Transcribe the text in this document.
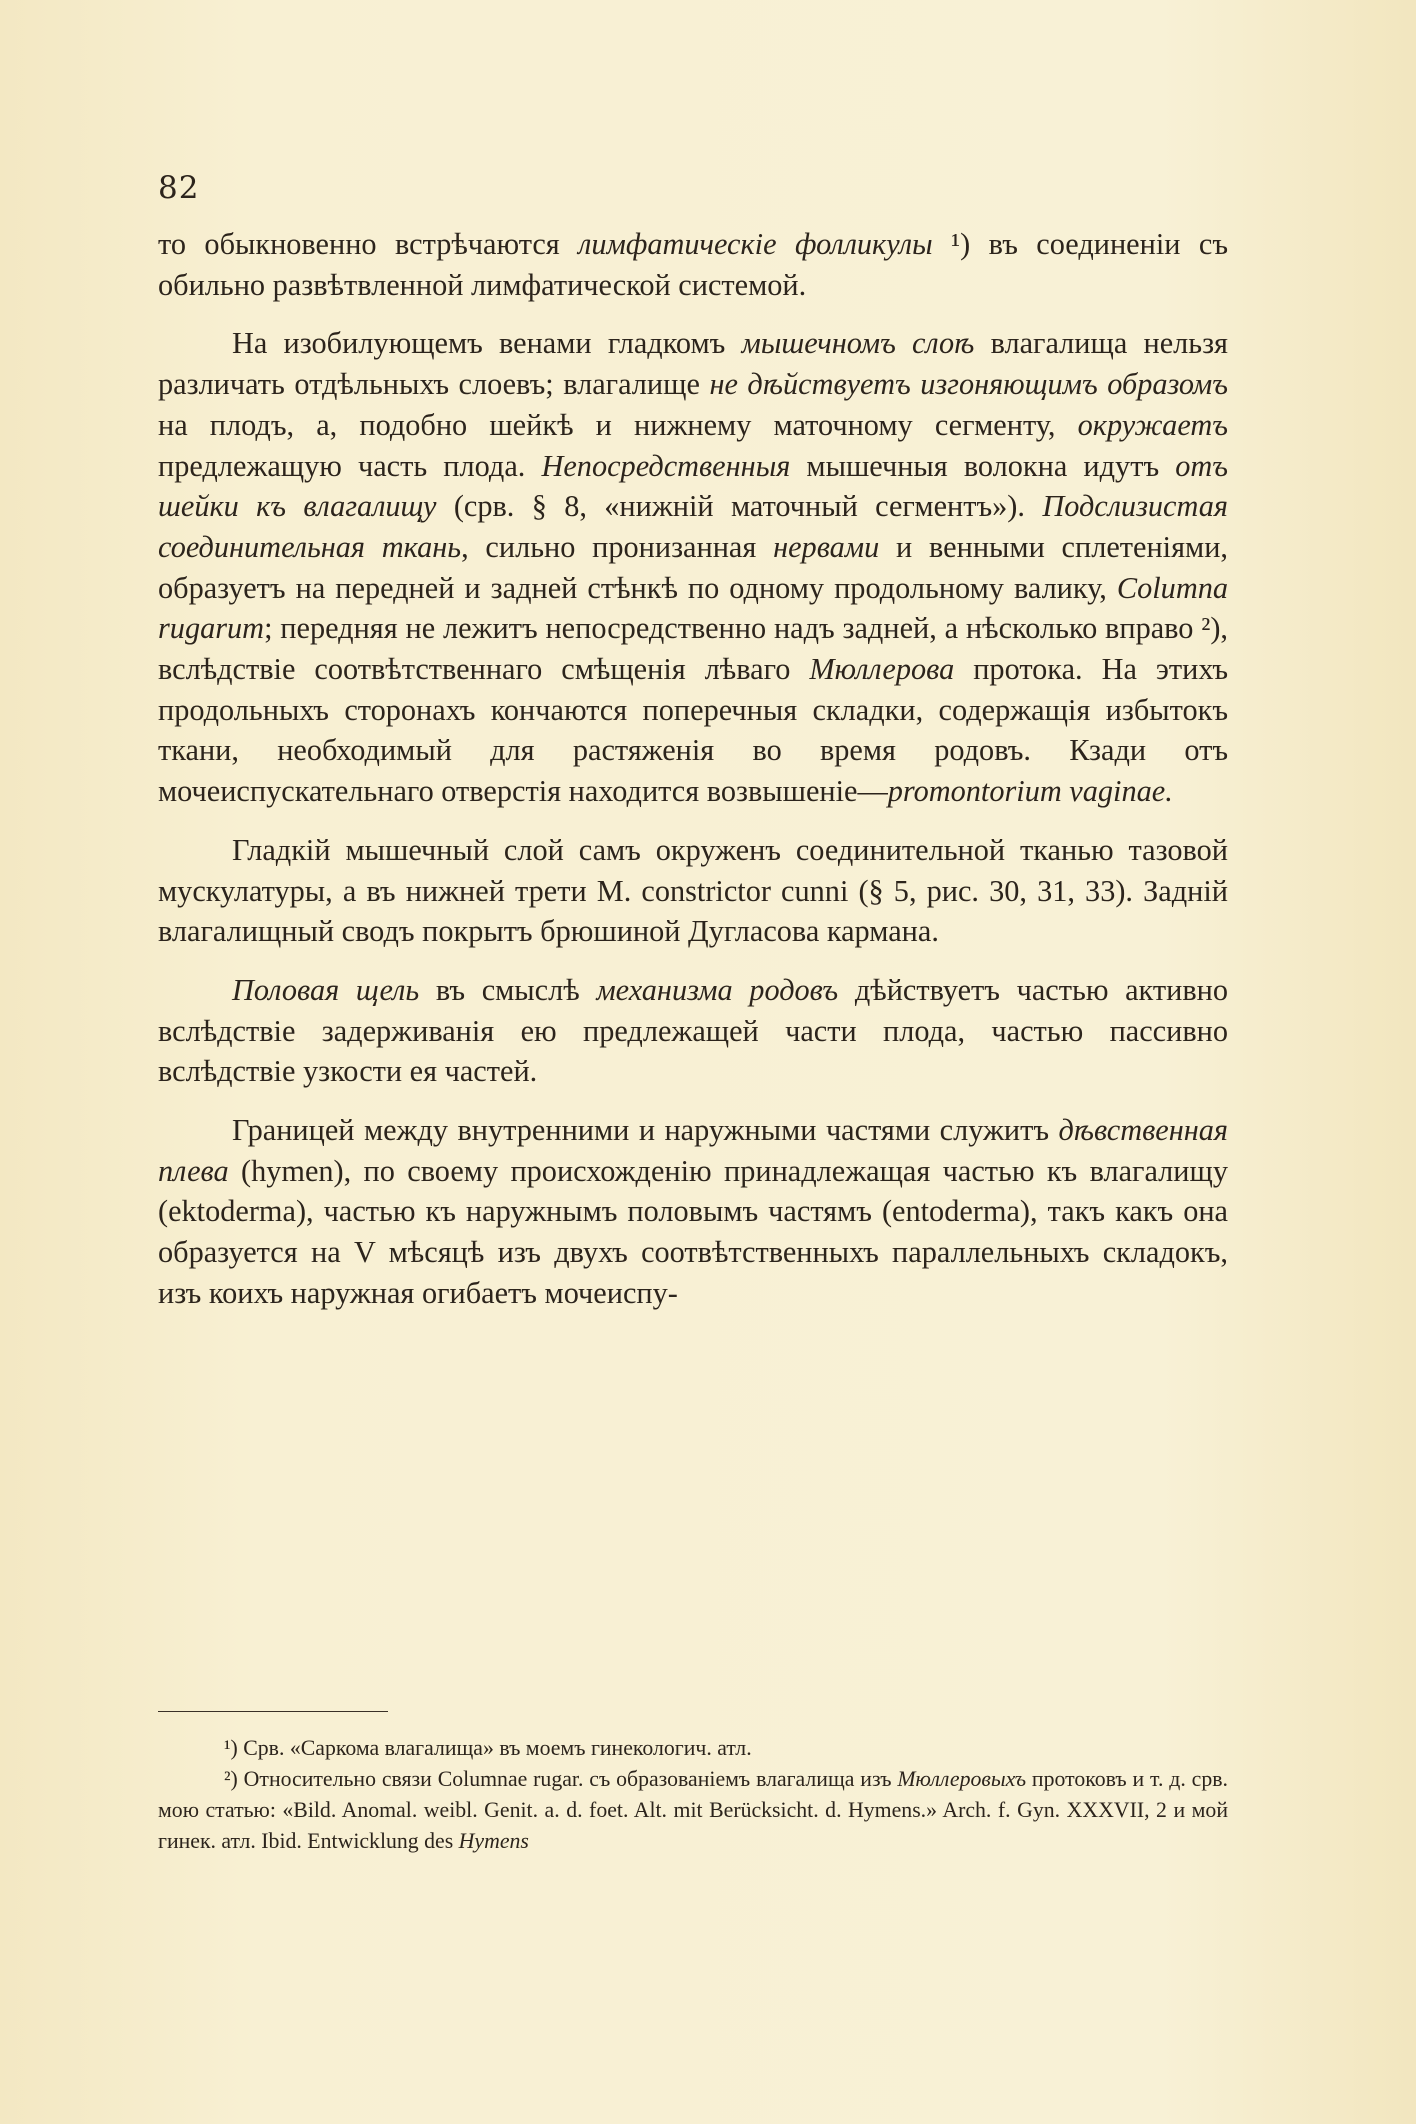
82

то обыкновенно встрѣчаются лимфатическіе фолликулы ¹) въ соединеніи съ обильно развѣтвленной лимфатической системой.

На изобилующемъ венами гладкомъ мышечномъ слоѣ влагалища нельзя различать отдѣльныхъ слоевъ; влагалище не дѣйствуетъ изгоняющимъ образомъ на плодъ, а, подобно шейкѣ и нижнему маточному сегменту, окружаетъ предлежащую часть плода. Непосредственныя мышечныя волокна идутъ отъ шейки къ влагалищу (срв. § 8, «нижній маточный сегментъ»). Подслизистая соединительная ткань, сильно пронизанная нервами и венными сплетеніями, образуетъ на передней и задней стѣнкѣ по одному продольному валику, Columna rugarum; передняя не лежитъ непосредственно надъ задней, а нѣсколько вправо ²), вслѣдствіе соотвѣтственнаго смѣщенія лѣваго Мюллерова протока. На этихъ продольныхъ сторонахъ кончаются поперечныя складки, содержащія избытокъ ткани, необходимый для растяженія во время родовъ. Кзади отъ мочеиспускательнаго отверстія находится возвышеніе—promontorium vaginae.

Гладкій мышечный слой самъ окруженъ соединительной тканью тазовой мускулатуры, а въ нижней трети M. constrictor cunni (§ 5, рис. 30, 31, 33). Задній влагалищный сводъ покрытъ брюшиной Дугласова кармана.

Половая щель въ смыслѣ механизма родовъ дѣйствуетъ частью активно вслѣдствіе задерживанія ею предлежащей части плода, частью пассивно вслѣдствіе узкости ея частей.

Границей между внутренними и наружными частями служитъ дѣвственная плева (hymen), по своему происхожденію принадлежащая частью къ влагалищу (ektoderma), частью къ наружнымъ половымъ частямъ (entoderma), такъ какъ она образуется на V мѣсяцѣ изъ двухъ соотвѣтственныхъ параллельныхъ складокъ, изъ коихъ наружная огибаетъ мочеиспу-

¹) Срв. «Саркома влагалища» въ моемъ гинекологич. атл.

²) Относительно связи Columnae rugar. съ образованіемъ влагалища изъ Мюллеровыхъ протоковъ и т. д. срв. мою статью: «Bild. Anomal. weibl. Genit. a. d. foet. Alt. mit Berücksicht. d. Hymens.» Arch. f. Gyn. XXXVII, 2 и мой гинек. атл. Ibid. Entwicklung des Hymens
